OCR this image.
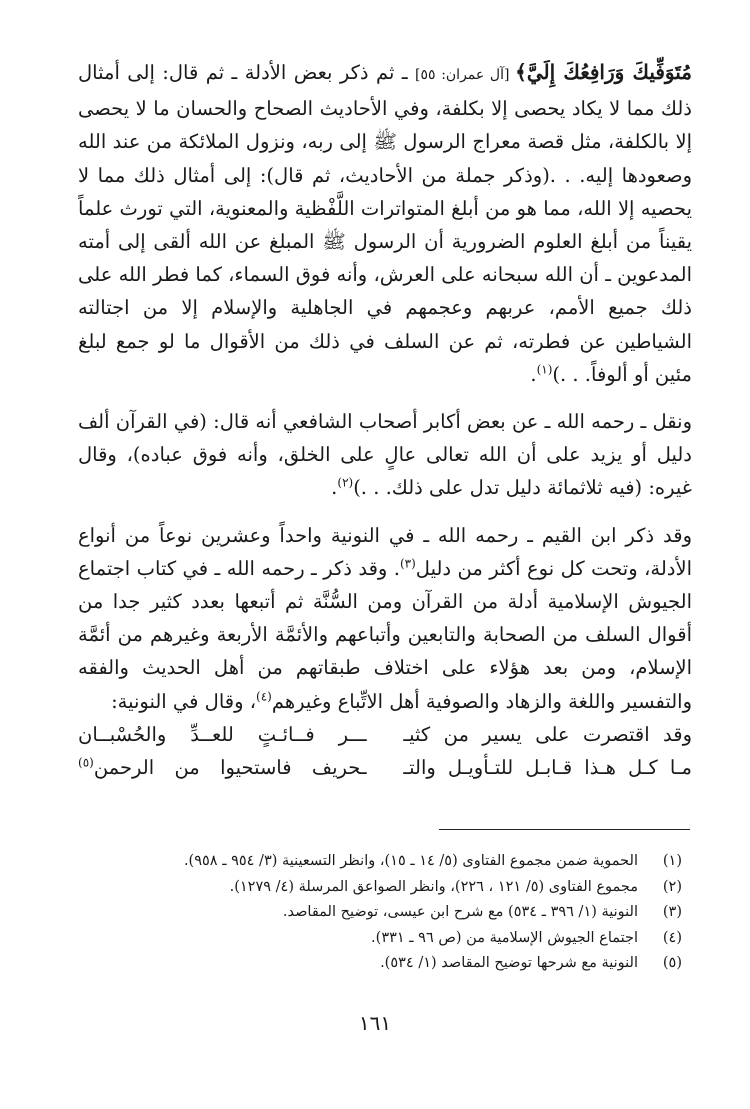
مُتَوَفِّيكَ وَرَافِعُكَ إِلَيَّ﴾ [آل عمران: ٥٥] ـ ثم ذكر بعض الأدلة ـ ثم قال: إلى أمثال ذلك مما لا يكاد يحصى إلا بكلفة، وفي الأحاديث الصحاح والحسان ما لا يحصى إلا بالكلفة، مثل قصة معراج الرسول ﷺ إلى ربه، ونزول الملائكة من عند الله وصعودها إليه. . .(وذكر جملة من الأحاديث، ثم قال): إلى أمثال ذلك مما لا يحصيه إلا الله، مما هو من أبلغ المتواترات اللَّفْظية والمعنوية، التي تورث علماً يقيناً من أبلغ العلوم الضرورية أن الرسول ﷺ المبلغ عن الله ألقى إلى أمته المدعوين ـ أن الله سبحانه على العرش، وأنه فوق السماء، كما فطر الله على ذلك جميع الأمم، عربهم وعجمهم في الجاهلية والإسلام إلا من اجتالته الشياطين عن فطرته، ثم عن السلف في ذلك من الأقوال ما لو جمع لبلغ مئين أو ألوفاً. . .)$^{(١)}$.

ونقل ـ رحمه الله ـ عن بعض أكابر أصحاب الشافعي أنه قال: (في القرآن ألف دليل أو يزيد على أن الله تعالى عالٍ على الخلق، وأنه فوق عباده)، وقال غيره: (فيه ثلاثمائة دليل تدل على ذلك. . .)$^{(٢)}$.

وقد ذكر ابن القيم ـ رحمه الله ـ في النونية واحداً وعشرين نوعاً من أنواع الأدلة، وتحت كل نوع أكثر من دليل$^{(٣)}$. وقد ذكر ـ رحمه الله ـ في كتاب اجتماع الجيوش الإسلامية أدلة من القرآن ومن السُّنَّة ثم أتبعها بعدد كثير جدا من أقوال السلف من الصحابة والتابعين وأتباعهم والأئمَّة الأربعة وغيرهم من أئمَّة الإسلام، ومن بعد هؤلاء على اختلاف طبقاتهم من أهل الحديث والفقه والتفسير واللغة والزهاد والصوفية أهل الاتِّباع وغيرهم$^{(٤)}$، وقال في النونية:

وقد اقتصرت على يسير من كثيـ
ـــر فــائـتٍ للعــدِّ والحُسْبــان
مـا كـل هـذا قـابـل للتـأويـل والتـ
ـحريف فاستحيوا من الرحمن$^{(٥)}$
(١)
الحموية ضمن مجموع الفتاوى (٥/ ١٤ ـ ١٥)، وانظر التسعينية (٣/ ٩٥٤ ـ ٩٥٨).
(٢)
مجموع الفتاوى (٥/ ١٢١ ، ٢٢٦)، وانظر الصواعق المرسلة (٤/ ١٢٧٩).
(٣)
النونية (١/ ٣٩٦ ـ ٥٣٤) مع شرح ابن عيسى، توضيح المقاصد.
(٤)
اجتماع الجيوش الإسلامية من (ص ٩٦ ـ ٣٣١).
(٥)
النونية مع شرحها توضيح المقاصد (١/ ٥٣٤).
١٦١
